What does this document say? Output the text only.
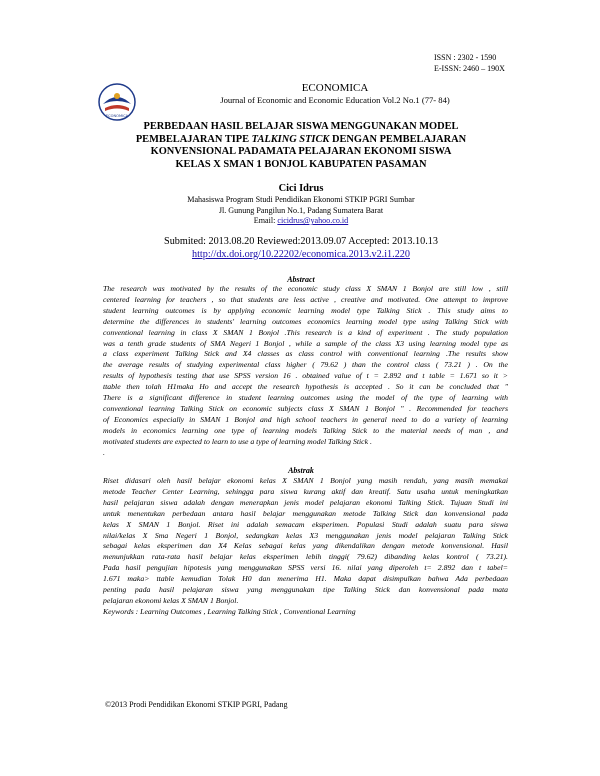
ISSN : 2302 - 1590
E-ISSN: 2460 – 190X
ECONOMICA
ECONOMICA
Journal of Economic and Economic Education Vol.2 No.1 (77- 84)
PERBEDAAN HASIL BELAJAR SISWA MENGGUNAKAN MODEL
PEMBELAJARAN TIPE TALKING STICK DENGAN PEMBELAJARAN
KONVENSIONAL PADAMATA PELAJARAN EKONOMI SISWA
KELAS X SMAN 1 BONJOL KABUPATEN PASAMAN
Cici Idrus
Mahasiswa Program Studi Pendidikan Ekonomi STKIP PGRI Sumbar
Jl. Gunung Pangilun No.1, Padang Sumatera Barat
Email: cicidrus@yahoo.co.id
Submited: 2013.08.20 Reviewed:2013.09.07 Accepted: 2013.10.13
http://dx.doi.org/10.22202/economica.2013.v2.i1.220
Abstract
The research was motivated by the results of the economic study class X SMAN 1 Bonjol are still low , still
centered learning for teachers , so that students are less active , creative and motivated. One attempt to improve
student learning outcomes is by applying economic learning model type Talking Stick . This study aims to
determine the differences in students' learning outcomes economics learning model type using Talking Stick with
conventional learning in class X SMAN 1 Bonjol .This research is a kind of experiment . The study population
was a tenth grade students of SMA Negeri 1 Bonjol , while a sample of the class X3 using learning model type as
a class experiment Talking Stick and X4 classes as class control with conventional learning .The results show
the average results of studying experimental class higher ( 79.62 ) than the control class ( 73.21 ) . On the
results of hypothesis testing that use SPSS version 16 . obtained value of t = 2.892 and t table = 1.671 so it >
ttable then tolah H1maka Ho and accept the research hypothesis is accepted . So it can be concluded that "
There is a significant difference in student learning outcomes using the model of the type of learning with
conventional learning Talking Stick on economic subjects class X SMAN 1 Bonjol " . Recommended for teachers
of Economics especially in SMAN 1 Bonjol and high school teachers in general need to do a variety of learning
models in economics learning one type of learning models Talking Stick to the material needs of man , and
motivated students are expected to learn to use a type of learning model Talking Stick .
.
Abstrak
Riset didasari oleh hasil belajar ekonomi kelas X SMAN 1 Bonjol yang masih rendah, yang masih memakai
metode Teacher Center Learning, sehingga para siswa kurang aktif dan kreatif. Satu usaha untuk meningkatkan
hasil pelajaran siswa adalah dengan menerapkan jenis model pelajaran ekonomi Talking Stick. Tujuan Studi ini
untuk menentukan perbedaan antara hasil belajar menggunakan metode Talking Stick dan konvensional pada
kelas X SMAN 1 Bonjol. Riset ini adalah semacam eksperimen. Populasi Studi adalah suatu para siswa
nilai/kelas X Sma Negeri 1 Bonjol, sedangkan kelas X3 menggunakan jenis model pelajaran Talking Stick
sebagai kelas eksperimen dan X4 Kelas sebagai kelas yang dikendalikan dengan metode konvensional. Hasil
menunjukkan rata-rata hasil belajar kelas eksperimen lebih tinggi( 79.62) dibanding kelas kontrol ( 73.21).
Pada hasil pengujian hipotesis yang menggunakan SPSS versi 16. nilai yang diperoleh t= 2.892 dan t tabel=
1.671 maka> ttable kemudian Tolak H0 dan menerima H1. Maka dapat disimpulkan bahwa Ada perbedaan
penting pada hasil pelajaran siswa yang menggunakan tipe Talking Stick dan konvensional pada mata
pelajaran ekonomi kelas X SMAN 1 Bonjol.
Keywords : Learning Outcomes , Learning Talking Stick , Conventional Learning
©2013 Prodi Pendidikan Ekonomi STKIP PGRI, Padang
